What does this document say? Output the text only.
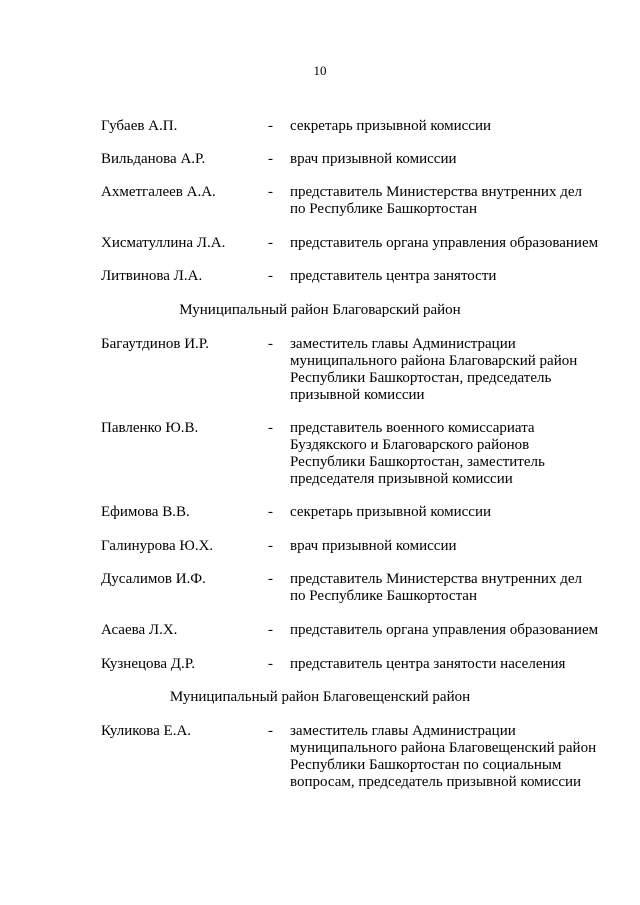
10
Губаев А.П.	- секретарь призывной комиссии
Вильданова А.Р.	- врач призывной комиссии
Ахметгалеев А.А.	- представитель Министерства внутренних дел
по Республике Башкортостан
Хисматуллина Л.А.	- представитель органа управления образованием
Литвинова Л.А.	- представитель центра занятости
Муниципальный район Благоварский район
Багаутдинов И.Р.	- заместитель главы Администрации
муниципального района Благоварский район
Республики Башкортостан, председатель
призывной комиссии
Павленко Ю.В.	- представитель военного комиссариата
Буздякского и Благоварского районов
Республики Башкортостан, заместитель
председателя призывной комиссии
Ефимова В.В.	- секретарь призывной комиссии
Галинурова Ю.Х.	- врач призывной комиссии
Дусалимов И.Ф.	- представитель Министерства внутренних дел
по Республике Башкортостан
Асаева Л.Х.	- представитель органа управления образованием
Кузнецова Д.Р.	- представитель центра занятости населения
Муниципальный район Благовещенский район
Куликова Е.А.	- заместитель главы Администрации
муниципального района Благовещенский район
Республики Башкортостан по социальным
вопросам, председатель призывной комиссии
